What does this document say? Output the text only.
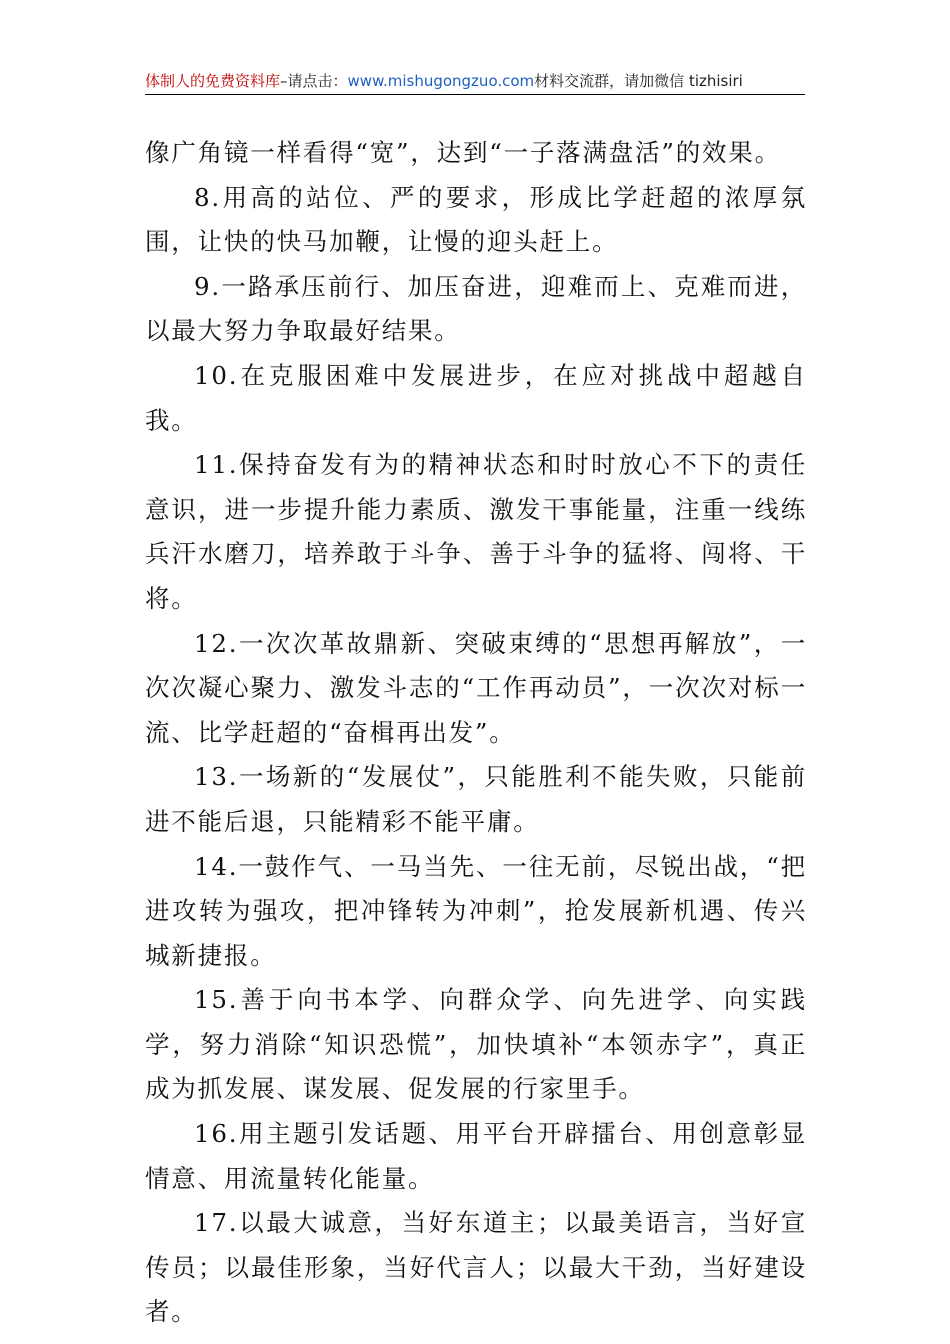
体制人的免费资料库–请点击：www.mishugongzuo.com材料交流群，请加微信 tizhisiri

像广角镜一样看得“宽”，达到“一子落满盘活”的效果。

8.用高的站位、严的要求，形成比学赶超的浓厚氛围，让快的快马加鞭，让慢的迎头赶上。

9.一路承压前行、加压奋进，迎难而上、克难而进，以最大努力争取最好结果。

10.在克服困难中发展进步，在应对挑战中超越自我。

11.保持奋发有为的精神状态和时时放心不下的责任意识，进一步提升能力素质、激发干事能量，注重一线练兵汗水磨刀，培养敢于斗争、善于斗争的猛将、闯将、干将。

12.一次次革故鼎新、突破束缚的“思想再解放”，一次次凝心聚力、激发斗志的“工作再动员”，一次次对标一流、比学赶超的“奋楫再出发”。

13.一场新的“发展仗”，只能胜利不能失败，只能前进不能后退，只能精彩不能平庸。

14.一鼓作气、一马当先、一往无前，尽锐出战，“把进攻转为强攻，把冲锋转为冲刺”，抢发展新机遇、传兴城新捷报。

15.善于向书本学、向群众学、向先进学、向实践学，努力消除“知识恐慌”，加快填补“本领赤字”，真正成为抓发展、谋发展、促发展的行家里手。

16.用主题引发话题、用平台开辟擂台、用创意彰显情意、用流量转化能量。

17.以最大诚意，当好东道主；以最美语言，当好宣传员；以最佳形象，当好代言人；以最大干劲，当好建设者。
